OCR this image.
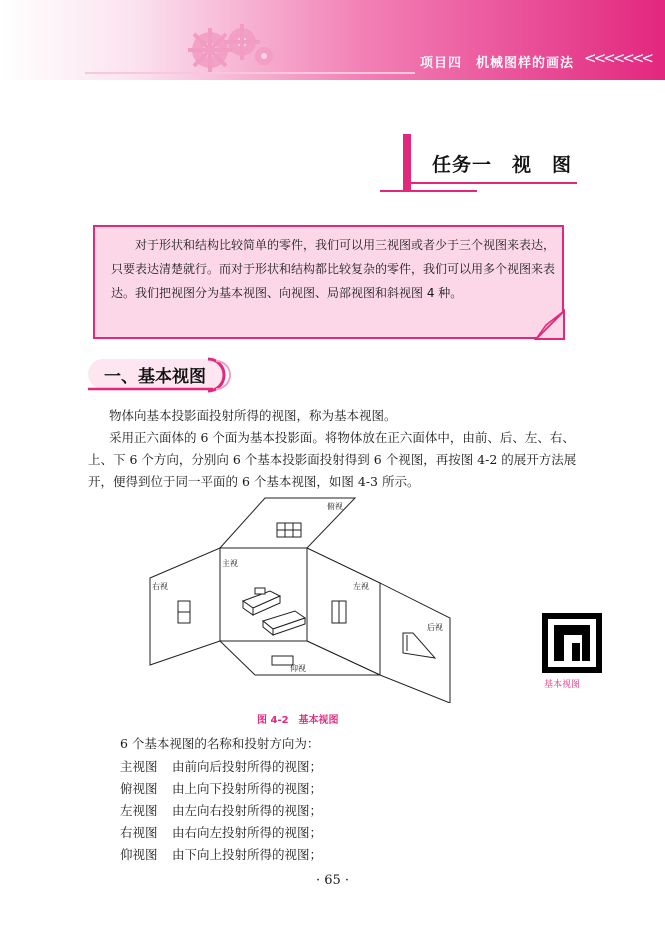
项目四　机械图样的画法 <<<<<<<
任务一　视　图
对于形状和结构比较简单的零件，我们可以用三视图或者少于三个视图来表达，只要表达清楚就行。而对于形状和结构都比较复杂的零件，我们可以用多个视图来表达。我们把视图分为基本视图、向视图、局部视图和斜视图 4 种。
一、基本视图
物体向基本投影面投射所得的视图，称为基本视图。
采用正六面体的 6 个面为基本投影面。将物体放在正六面体中，由前、后、左、右、上、下 6 个方向，分别向 6 个基本投影面投射得到 6 个视图，再按图 4-2 的展开方法展开，便得到位于同一平面的 6 个基本视图，如图 4-3 所示。
俯视
主视
右视	左视
后视
仰视
基本视图
图 4-2　基本视图
6 个基本视图的名称和投射方向为：
主视图 由前向后投射所得的视图；
俯视图 由上向下投射所得的视图；
左视图 由左向右投射所得的视图；
右视图 由右向左投射所得的视图；
仰视图 由下向上投射所得的视图；
· 65 ·
